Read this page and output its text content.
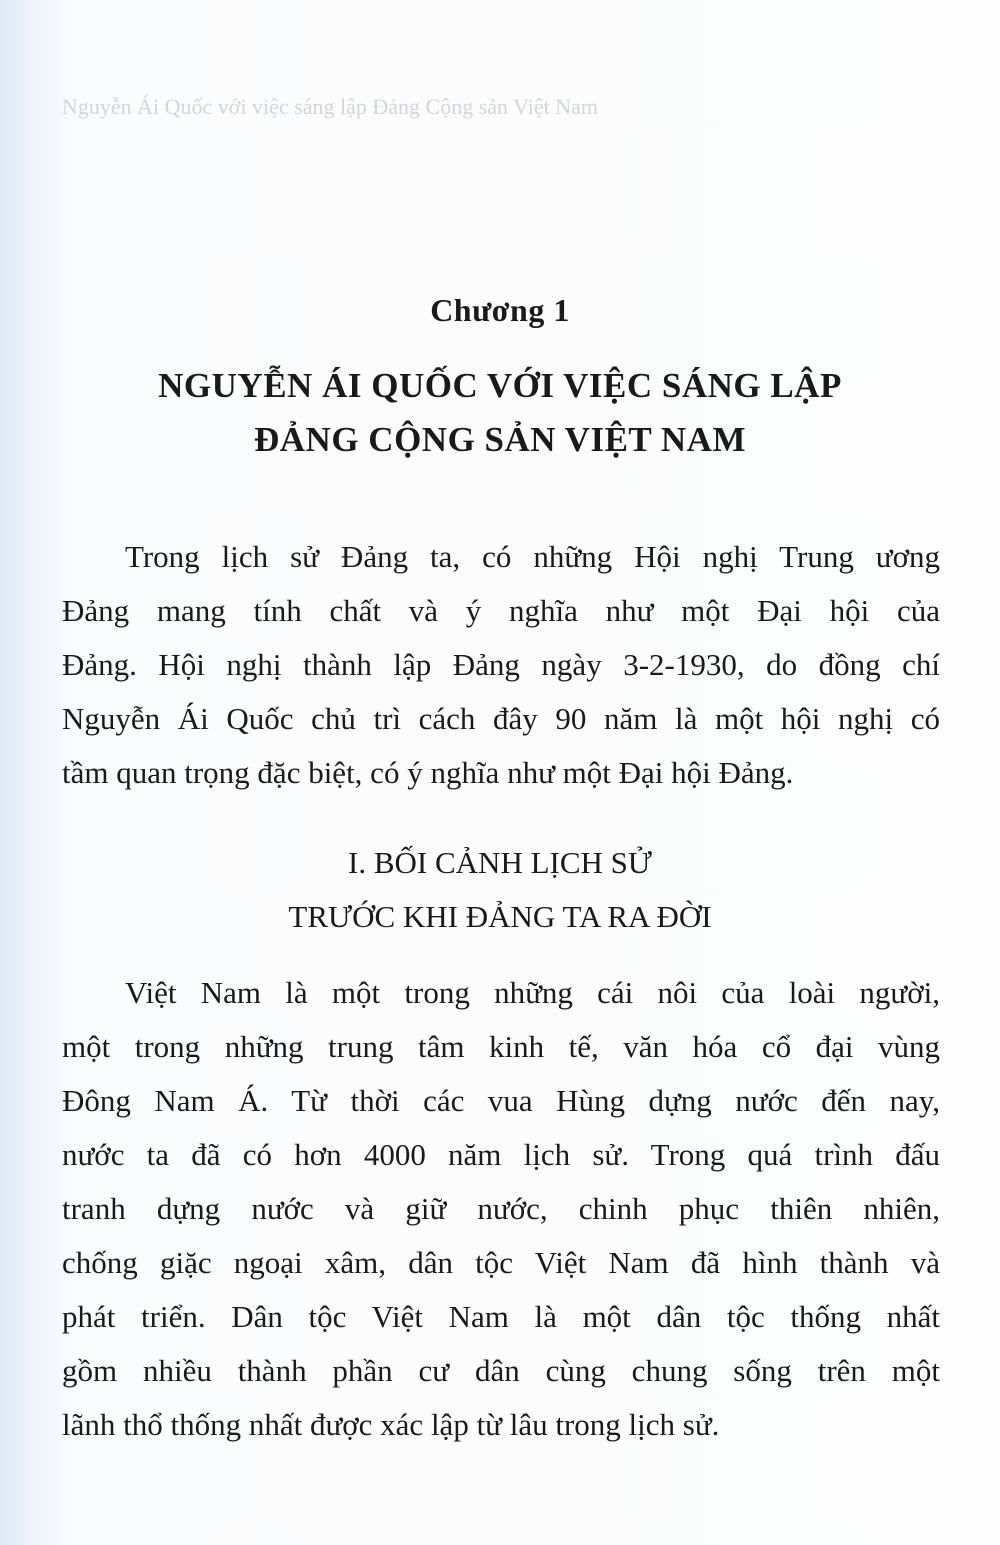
Nguyễn Ái Quốc với việc sáng lập Đảng Cộng sản Việt Nam
Chương 1
NGUYỄN ÁI QUỐC VỚI VIỆC SÁNG LẬP
ĐẢNG CỘNG SẢN VIỆT NAM
Trong lịch sử Đảng ta, có những Hội nghị Trung ương
Đảng mang tính chất và ý nghĩa như một Đại hội của
Đảng. Hội nghị thành lập Đảng ngày 3-2-1930, do đồng chí
Nguyễn Ái Quốc chủ trì cách đây 90 năm là một hội nghị có
tầm quan trọng đặc biệt, có ý nghĩa như một Đại hội Đảng.
I. BỐI CẢNH LỊCH SỬ
TRƯỚC KHI ĐẢNG TA RA ĐỜI
Việt Nam là một trong những cái nôi của loài người,
một trong những trung tâm kinh tế, văn hóa cổ đại vùng
Đông Nam Á. Từ thời các vua Hùng dựng nước đến nay,
nước ta đã có hơn 4000 năm lịch sử. Trong quá trình đấu
tranh dựng nước và giữ nước, chinh phục thiên nhiên,
chống giặc ngoại xâm, dân tộc Việt Nam đã hình thành và
phát triển. Dân tộc Việt Nam là một dân tộc thống nhất
gồm nhiều thành phần cư dân cùng chung sống trên một
lãnh thổ thống nhất được xác lập từ lâu trong lịch sử.
